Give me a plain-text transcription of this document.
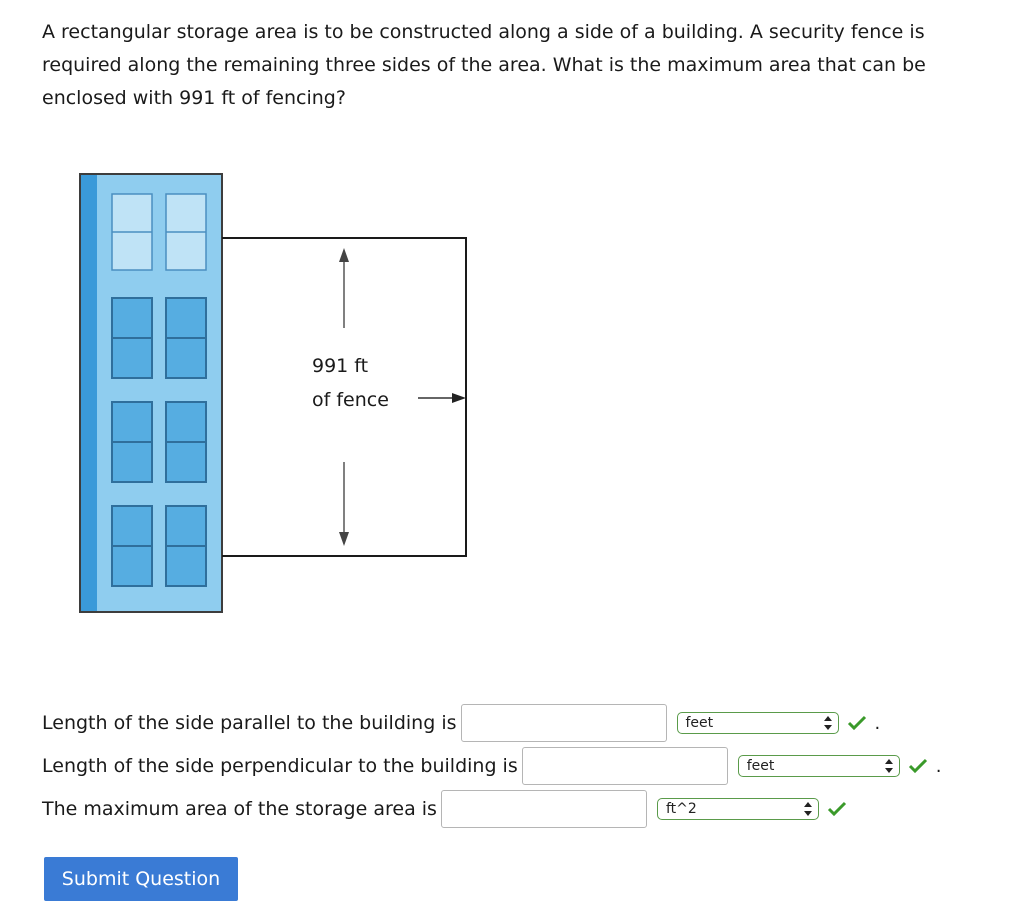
A rectangular storage area is to be constructed along a side of a building. A security fence is required along the remaining three sides of the area. What is the maximum area that can be enclosed with 991 ft of fencing?

991 ft
of fence
Length of the side parallel to the building is	feet	.
Length of the side perpendicular to the building is	feet	.
The maximum area of the storage area is	ft^2
Submit Question
